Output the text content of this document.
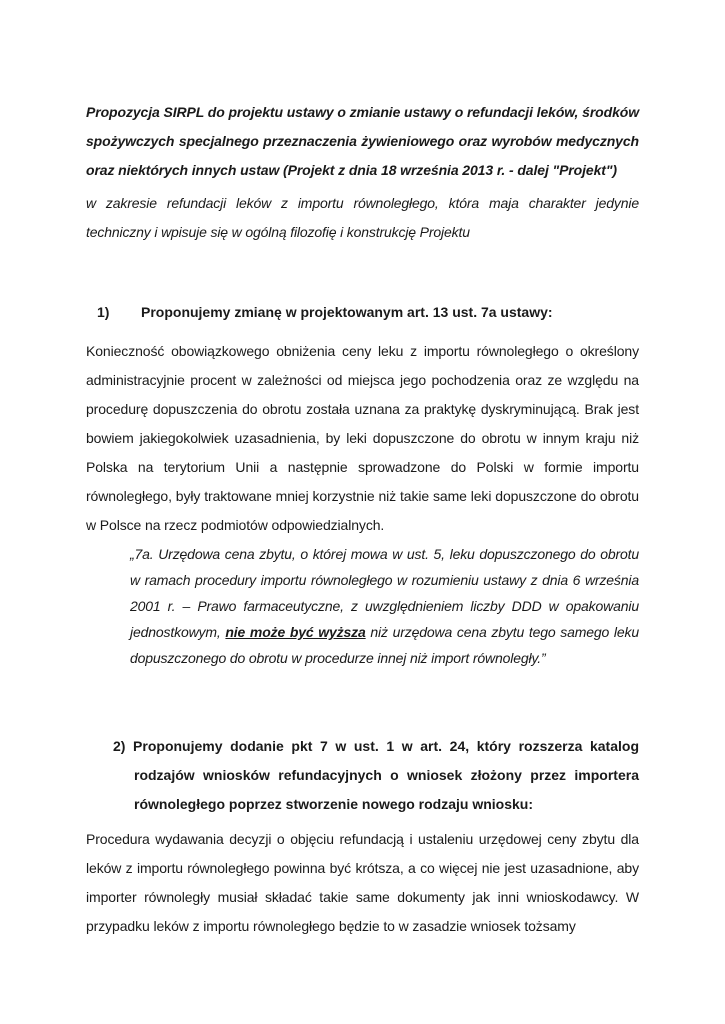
Propozycja SIRPL do projektu ustawy o zmianie ustawy o refundacji leków, środków spożywczych specjalnego przeznaczenia żywieniowego oraz wyrobów medycznych oraz niektórych innych ustaw (Projekt z dnia 18 września 2013 r. - dalej "Projekt")
w zakresie refundacji leków z importu równoległego, która maja charakter jedynie techniczny i wpisuje się w ogólną filozofię i konstrukcję Projektu
1) Proponujemy zmianę w projektowanym art. 13 ust. 7a ustawy:
Konieczność obowiązkowego obniżenia ceny leku z importu równoległego o określony administracyjnie procent w zależności od miejsca jego pochodzenia oraz ze względu na procedurę dopuszczenia do obrotu została uznana za praktykę dyskryminującą. Brak jest bowiem jakiegokolwiek uzasadnienia, by leki dopuszczone do obrotu w innym kraju niż Polska na terytorium Unii a następnie sprowadzone do Polski w formie importu równoległego, były traktowane mniej korzystnie niż takie same leki dopuszczone do obrotu w Polsce na rzecz podmiotów odpowiedzialnych.
„7a. Urzędowa cena zbytu, o której mowa w ust. 5, leku dopuszczonego do obrotu w ramach procedury importu równoległego w rozumieniu ustawy z dnia 6 września 2001 r. – Prawo farmaceutyczne, z uwzględnieniem liczby DDD w opakowaniu jednostkowym, nie może być wyższa niż urzędowa cena zbytu tego samego leku dopuszczonego do obrotu w procedurze innej niż import równoległy.”
2) Proponujemy dodanie pkt 7 w ust. 1 w art. 24, który rozszerza katalog rodzajów wniosków refundacyjnych o wniosek złożony przez importera równoległego poprzez stworzenie nowego rodzaju wniosku:
Procedura wydawania decyzji o objęciu refundacją i ustaleniu urzędowej ceny zbytu dla leków z importu równoległego powinna być krótsza, a co więcej nie jest uzasadnione, aby importer równoległy musiał składać takie same dokumenty jak inni wnioskodawcy. W przypadku leków z importu równoległego będzie to w zasadzie wniosek tożsamy
